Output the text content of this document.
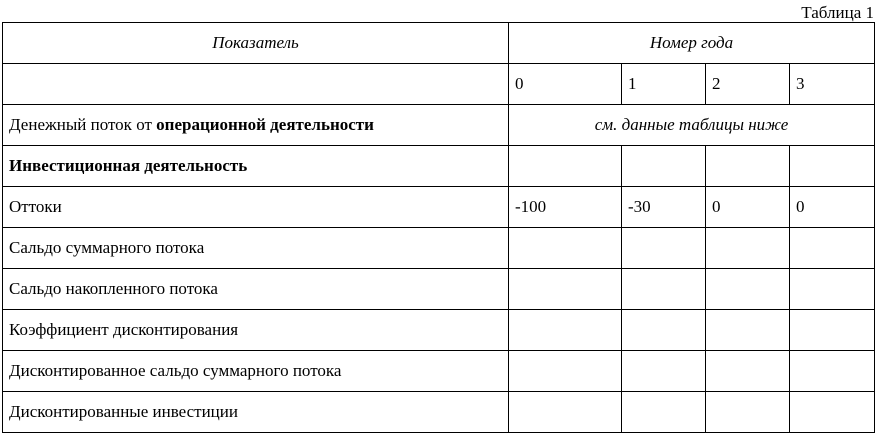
Таблица 1
Показатель	Номер года			
	0	1	2	3
Денежный поток от операционной деятельности	см. данные таблицы ниже			
Инвестиционная деятельность				
Оттоки	-100	-30	0	0
Сальдо суммарного потока				
Сальдо накопленного потока				
Коэффициент дисконтирования				
Дисконтированное сальдо суммарного потока				
Дисконтированные инвестиции				
